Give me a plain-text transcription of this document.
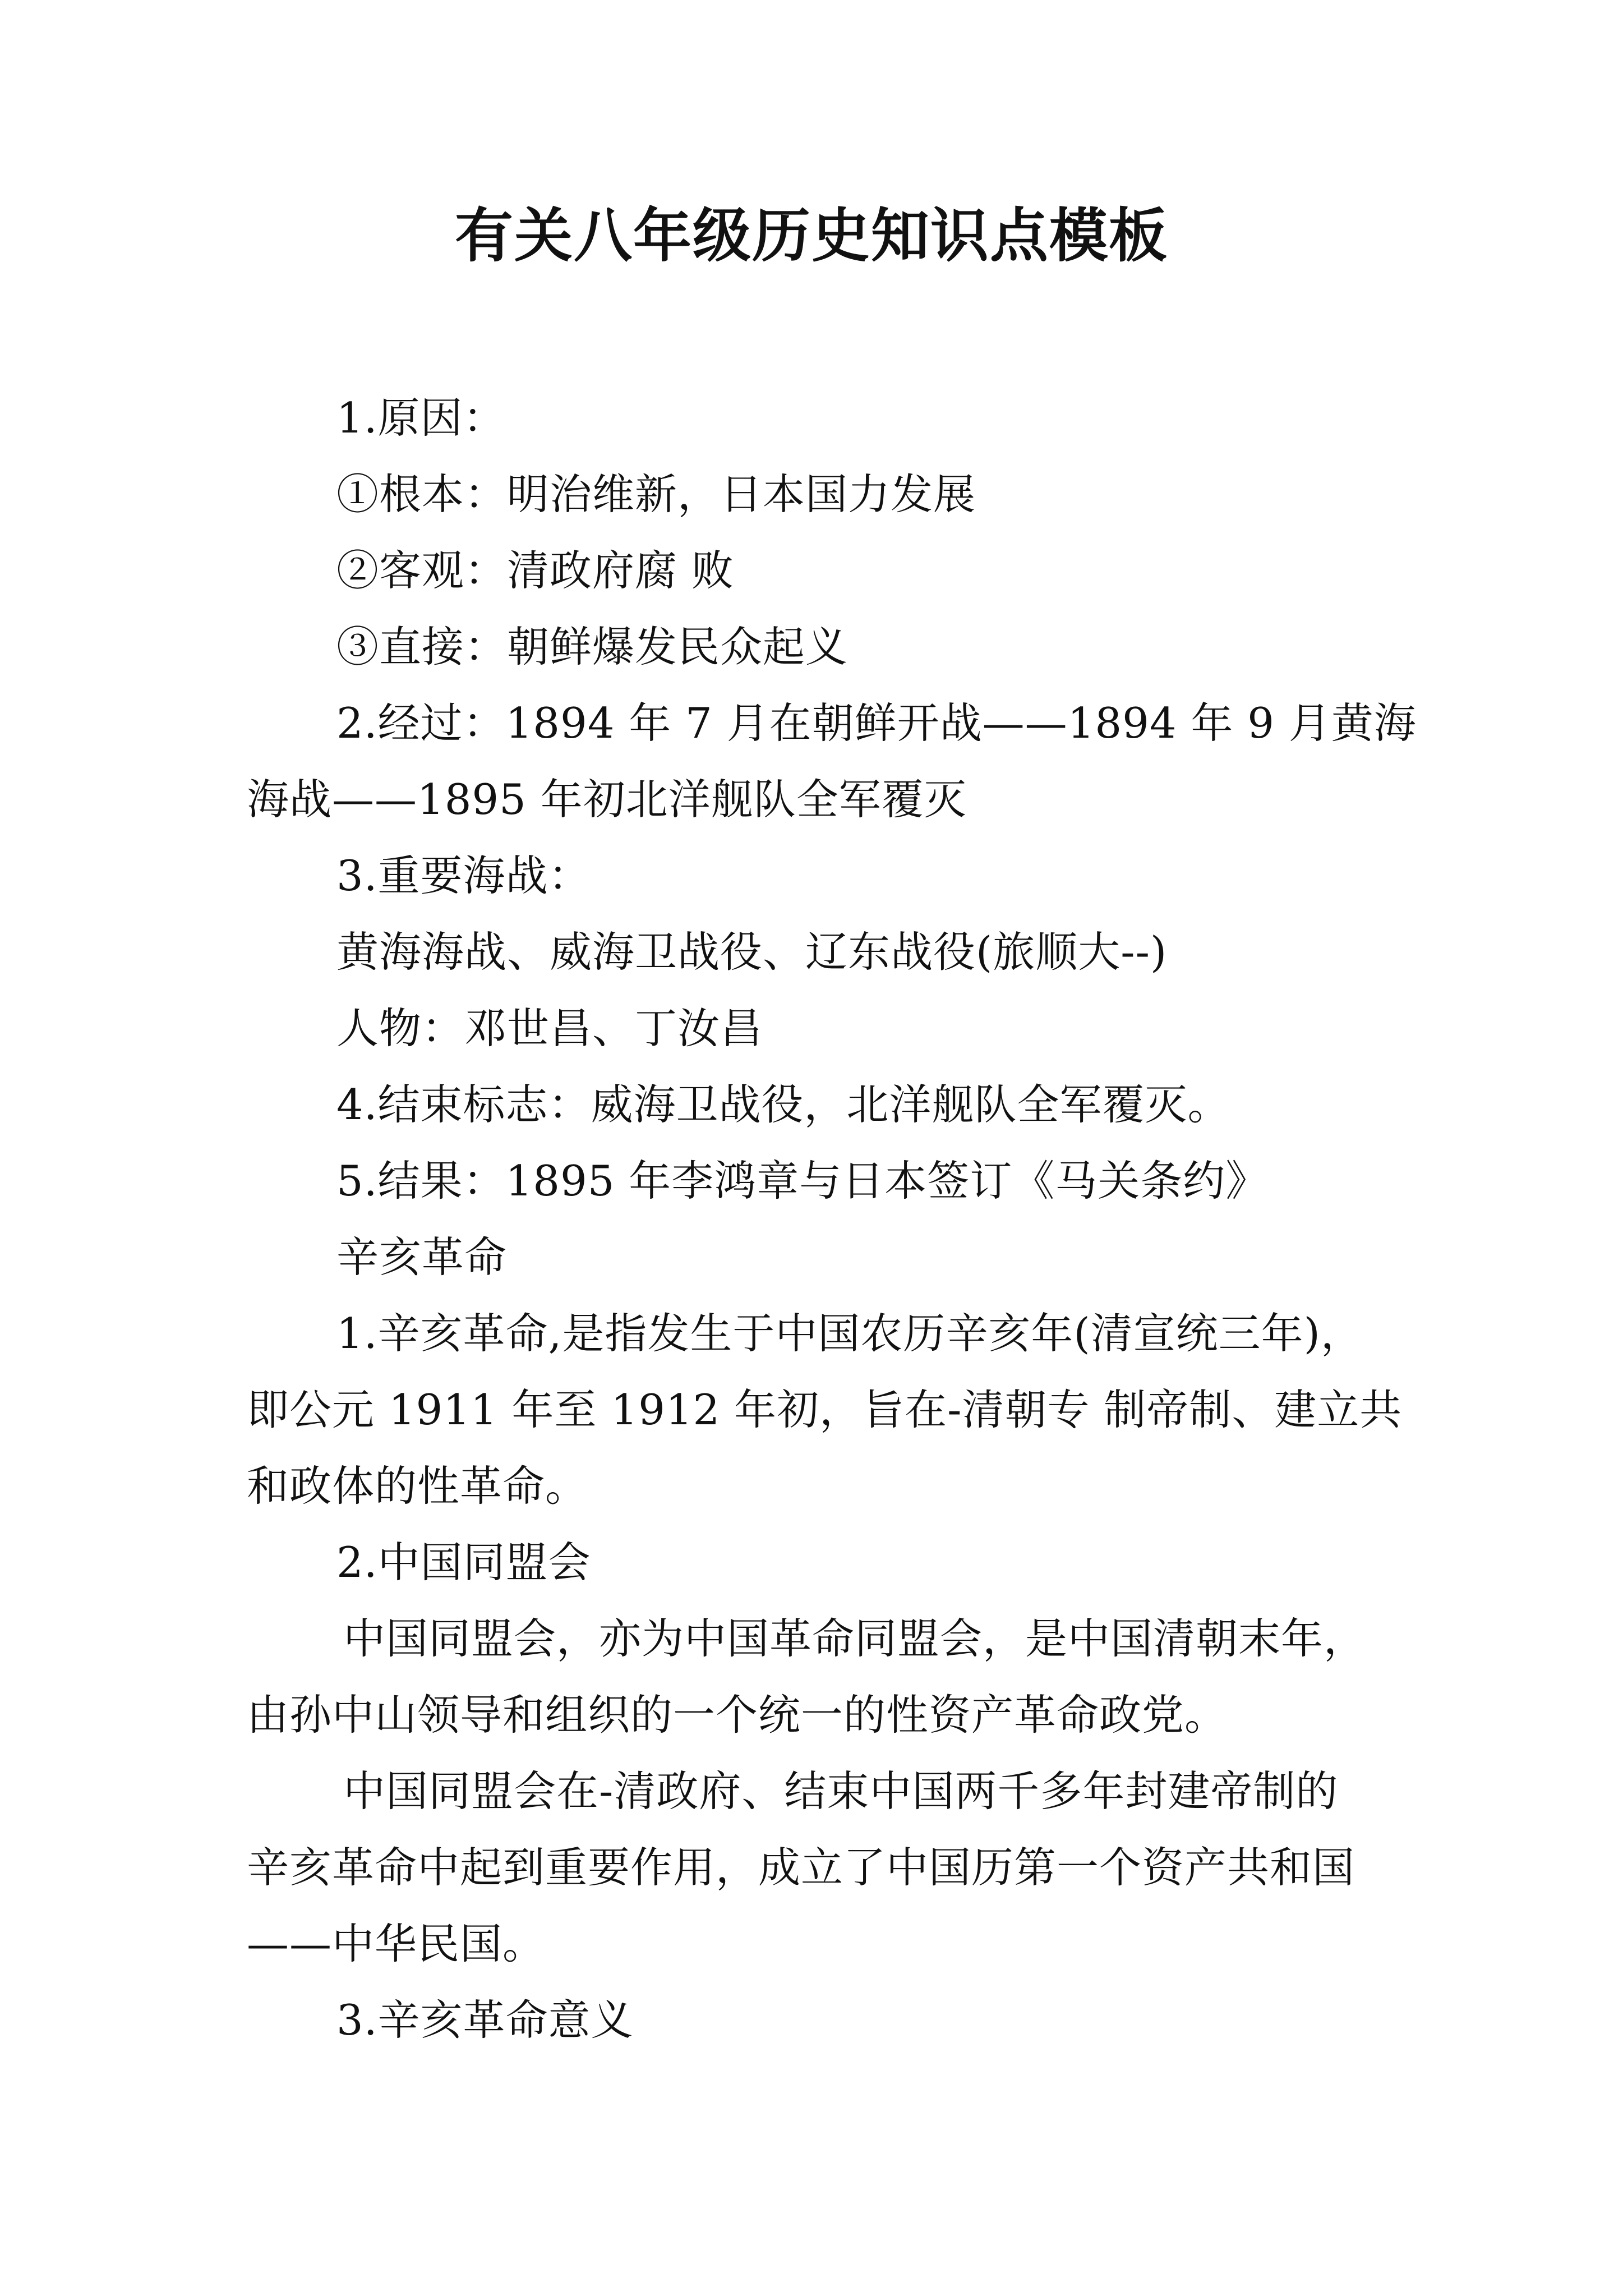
有关八年级历史知识点模板
1.原因：
①根本：明治维新，日本国力发展
②客观：清政府腐 败
③直接：朝鲜爆发民众起义
2.经过：1894 年 7 月在朝鲜开战——1894 年 9 月黄海
海战——1895 年初北洋舰队全军覆灭
3.重要海战：
黄海海战、威海卫战役、辽东战役(旅顺大--)
人物：邓世昌、丁汝昌
4.结束标志：威海卫战役，北洋舰队全军覆灭。
5.结果：1895 年李鸿章与日本签订《马关条约》
辛亥革命
1.辛亥革命,是指发生于中国农历辛亥年(清宣统三年)，
即公元 1911 年至 1912 年初，旨在-清朝专 制帝制、建立共
和政体的性革命。
2.中国同盟会
中国同盟会，亦为中国革命同盟会，是中国清朝末年，
由孙中山领导和组织的一个统一的性资产革命政党。
中国同盟会在-清政府、结束中国两千多年封建帝制的
辛亥革命中起到重要作用，成立了中国历第一个资产共和国
——中华民国。
3.辛亥革命意义
